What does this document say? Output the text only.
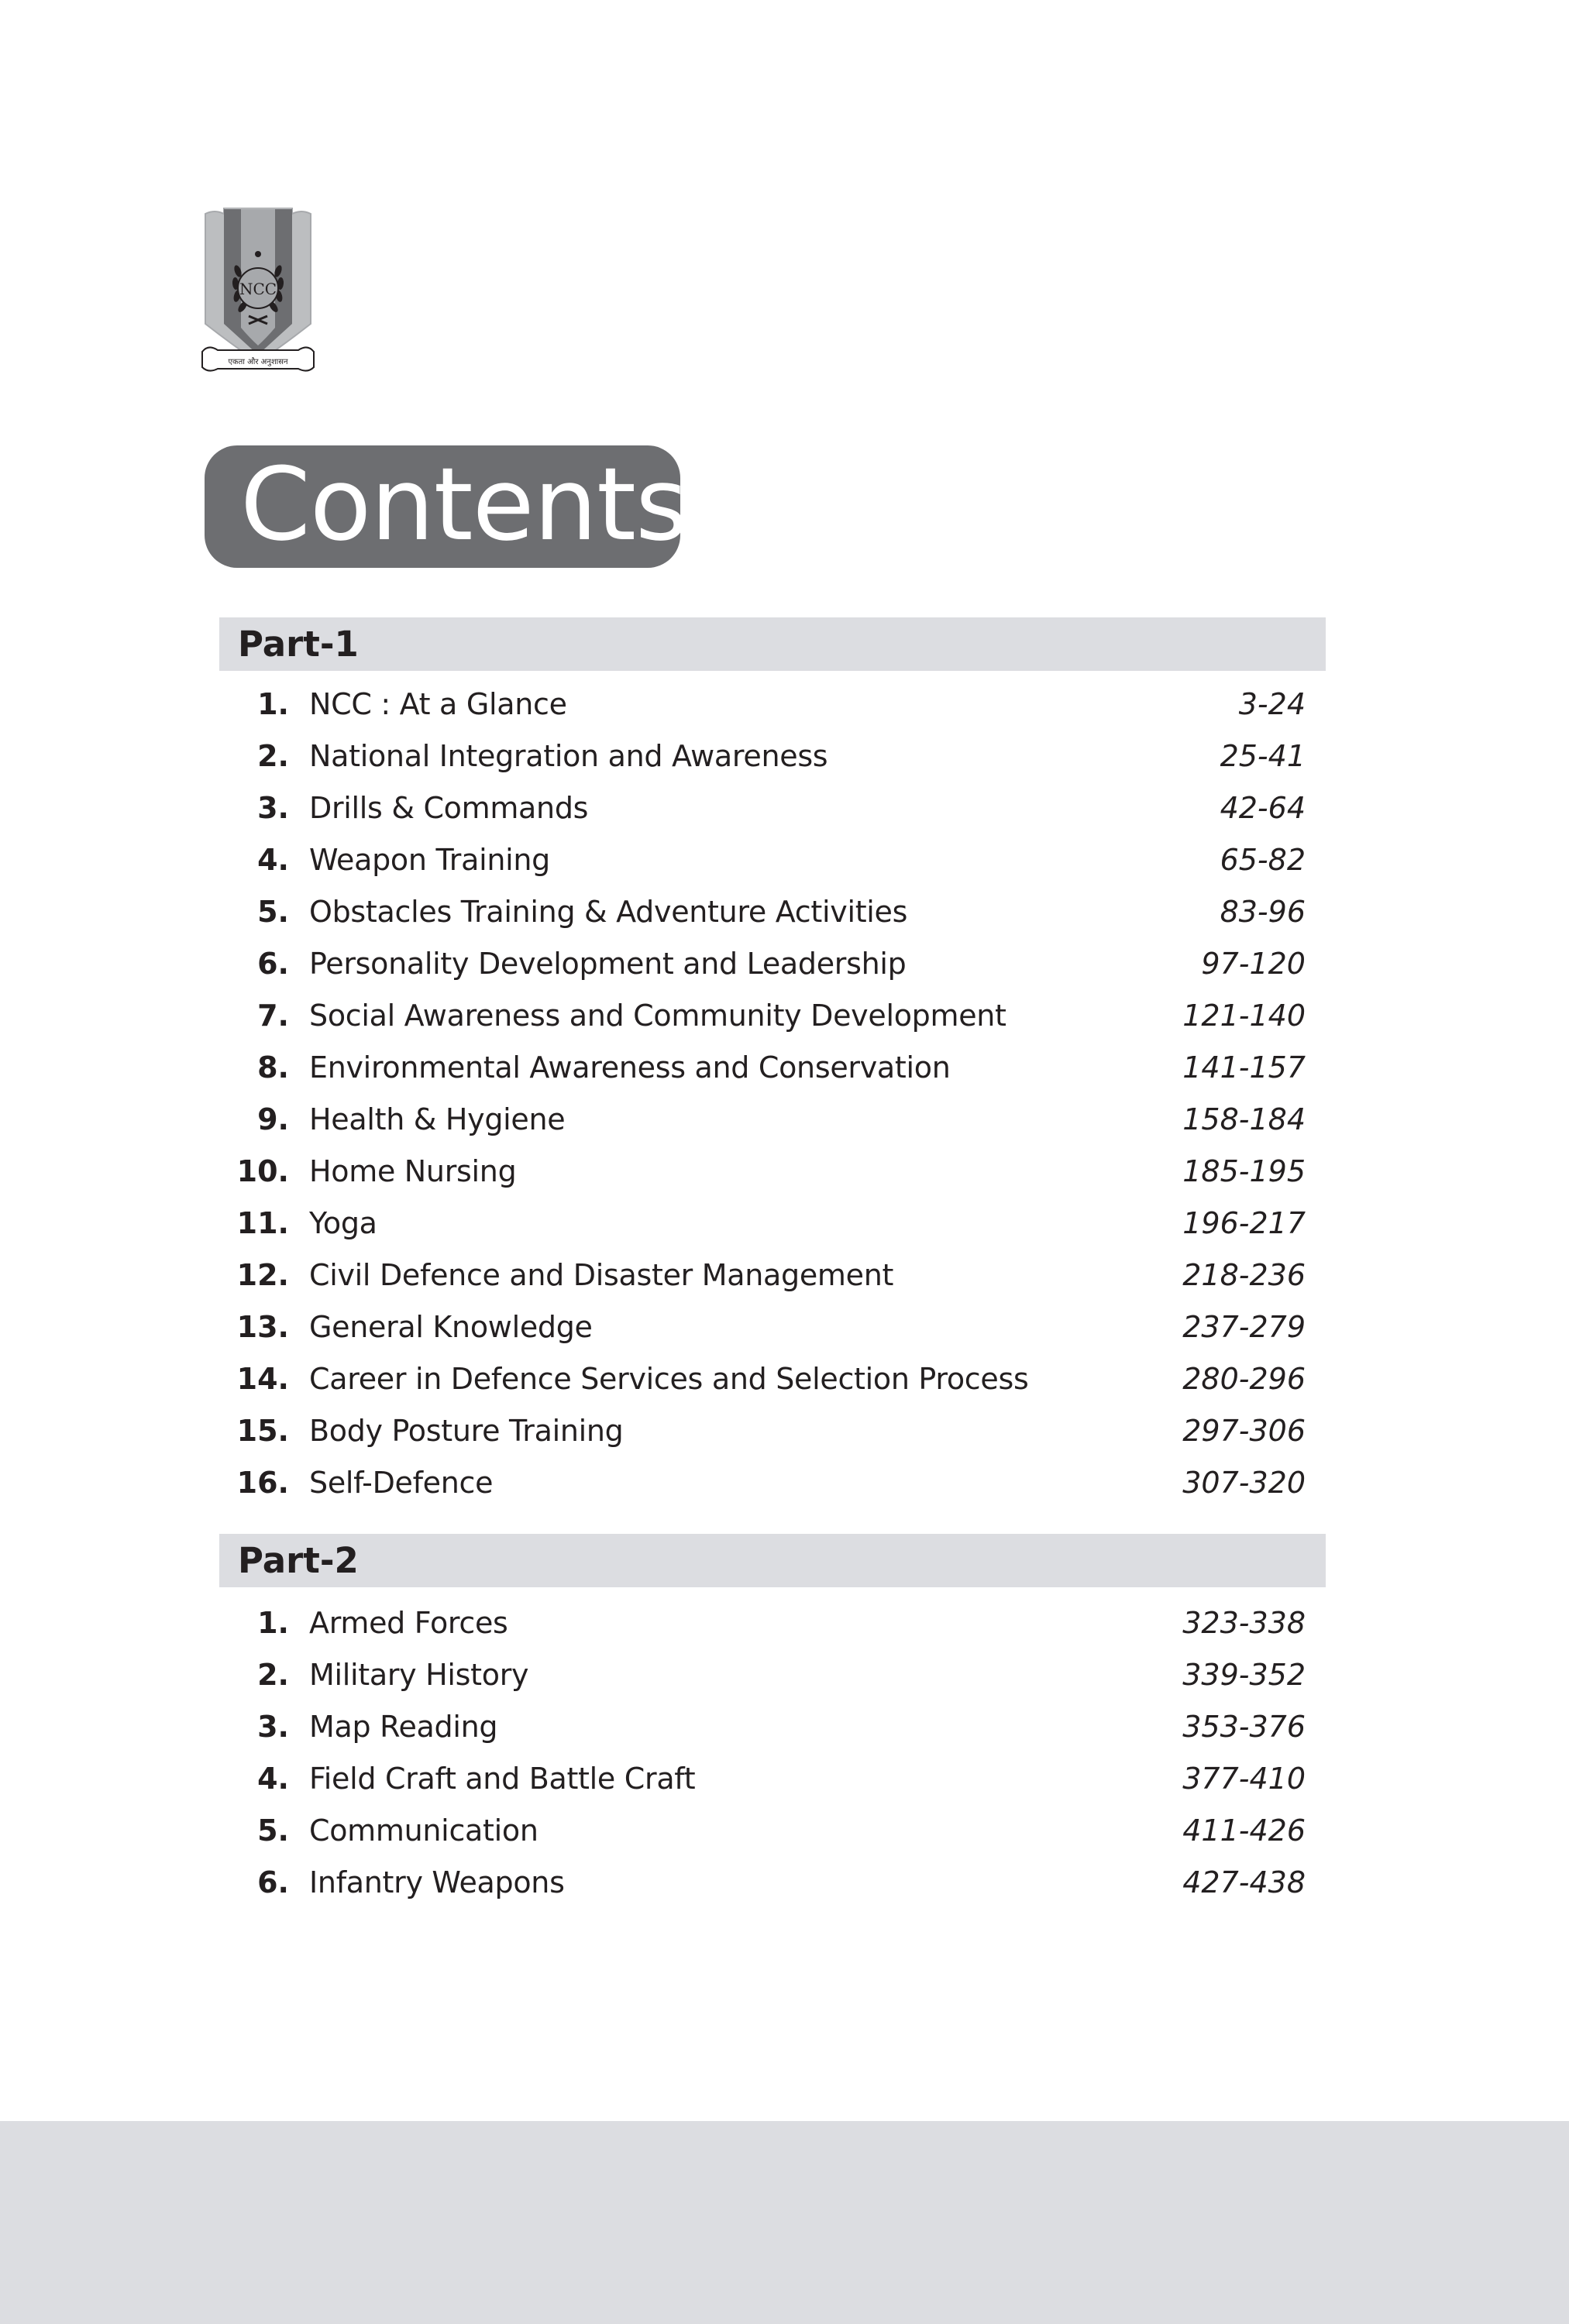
NCC
एकता और अनुशासन
Contents
Part-1
1. NCC : At a Glance	3-24
2. National Integration and Awareness	25-41
3. Drills & Commands	42-64
4. Weapon Training	65-82
5. Obstacles Training & Adventure Activities	83-96
6. Personality Development and Leadership	97-120
7. Social Awareness and Community Development	121-140
8. Environmental Awareness and Conservation	141-157
9. Health & Hygiene	158-184
10. Home Nursing	185-195
11. Yoga	196-217
12. Civil Defence and Disaster Management	218-236
13. General Knowledge	237-279
14. Career in Defence Services and Selection Process	280-296
15. Body Posture Training	297-306
16. Self-Defence	307-320
Part-2
1. Armed Forces	323-338
2. Military History	339-352
3. Map Reading	353-376
4. Field Craft and Battle Craft	377-410
5. Communication	411-426
6. Infantry Weapons	427-438
